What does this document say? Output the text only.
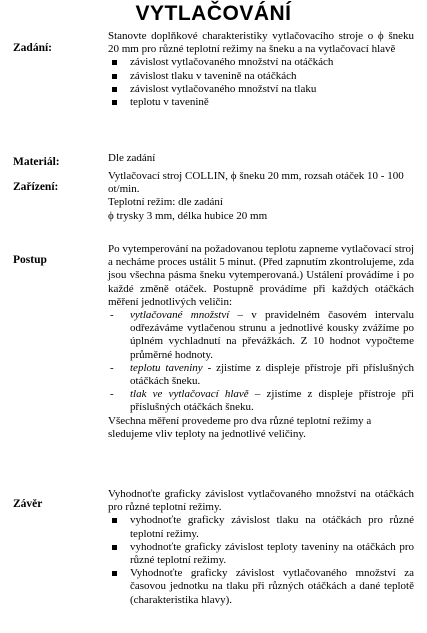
VYTLAČOVÁNÍ
Zadání:

Stanovte doplňkové charakteristiky vytlačovacího stroje o ϕ šneku 20 mm pro různé teplotní režimy na šneku a na vytlačovací hlavě

závislost vytlačovaného množství na otáčkách
závislost tlaku v tavenině na otáčkách
závislost vytlačovaného množství na tlaku
teplotu v tavenině
Materiál:	Dle zadání
Zařízení:

Vytlačovací stroj COLLIN, ϕ šneku 20 mm, rozsah otáček 10 - 100 ot/min.

Teplotní režim: dle zadání

ϕ trysky 3 mm, délka hubice 20 mm

Postup

Po vytemperování na požadovanou teplotu zapneme vytlačovací stroj a necháme proces ustálit 5 minut. (Před zapnutím zkontrolujeme, zda jsou všechna pásma šneku vytemperovaná.) Ustálení provádíme i po každé změně otáček. Postupně provádíme při každých otáčkách měření jednotlivých veličin:

- vytlačované množství – v pravidelném časovém intervalu odřezáváme vytlačenou strunu a jednotlivé kousky zvážíme po úplném vychladnutí na převážkách. Z 10 hodnot vypočteme průměrné hodnoty.
- teplotu taveniny - zjistíme z displeje přístroje při příslušných otáčkách šneku.
- tlak ve vytlačovací hlavě – zjistíme z displeje přístroje při příslušných otáčkách šneku.

Všechna měření provedeme pro dva různé teplotní režimy a sledujeme vliv teploty na jednotlivé veličiny.

Závěr

Vyhodnoťte graficky závislost vytlačovaného množství na otáčkách pro různé teplotní režimy.

vyhodnoťte graficky závislost tlaku na otáčkách pro různé teplotní režimy.
vyhodnoťte graficky závislost teploty taveniny na otáčkách pro různé teplotní režimy.
Vyhodnoťte graficky závislost vytlačovaného množství za časovou jednotku na tlaku při různých otáčkách a dané teplotě (charakteristika hlavy).
